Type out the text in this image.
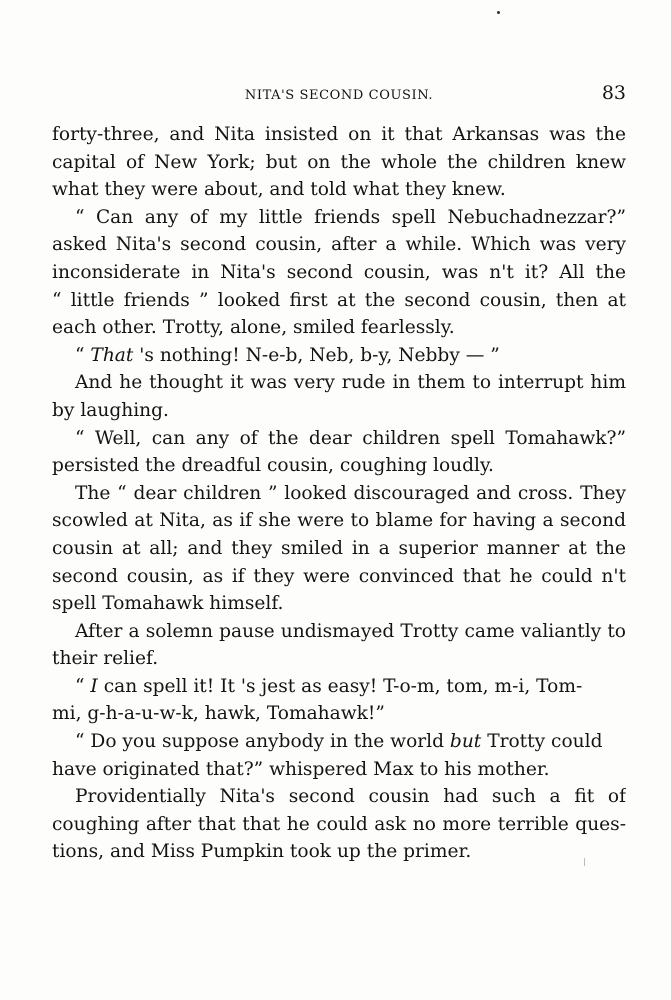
NITA'S SECOND COUSIN.	83
forty-three, and Nita insisted on it that Arkansas was the
capital of New York; but on the whole the children knew
what they were about, and told what they knew.
“ Can any of my little friends spell Nebuchadnezzar?”
asked Nita's second cousin, after a while. Which was very
inconsiderate in Nita's second cousin, was n't it? All the
“ little friends ” looked first at the second cousin, then at
each other. Trotty, alone, smiled fearlessly.
“ That 's nothing! N-e-b, Neb, b-y, Nebby — ”
And he thought it was very rude in them to interrupt him
by laughing.
“ Well, can any of the dear children spell Tomahawk?”
persisted the dreadful cousin, coughing loudly.
The “ dear children ” looked discouraged and cross. They
scowled at Nita, as if she were to blame for having a second
cousin at all; and they smiled in a superior manner at the
second cousin, as if they were convinced that he could n't
spell Tomahawk himself.
After a solemn pause undismayed Trotty came valiantly to
their relief.
“ I can spell it! It 's jest as easy! T-o-m, tom, m-i, Tom-
mi, g-h-a-u-w-k, hawk, Tomahawk!”
“ Do you suppose anybody in the world but Trotty could
have originated that?” whispered Max to his mother.
Providentially Nita's second cousin had such a fit of
coughing after that that he could ask no more terrible ques-
tions, and Miss Pumpkin took up the primer.
